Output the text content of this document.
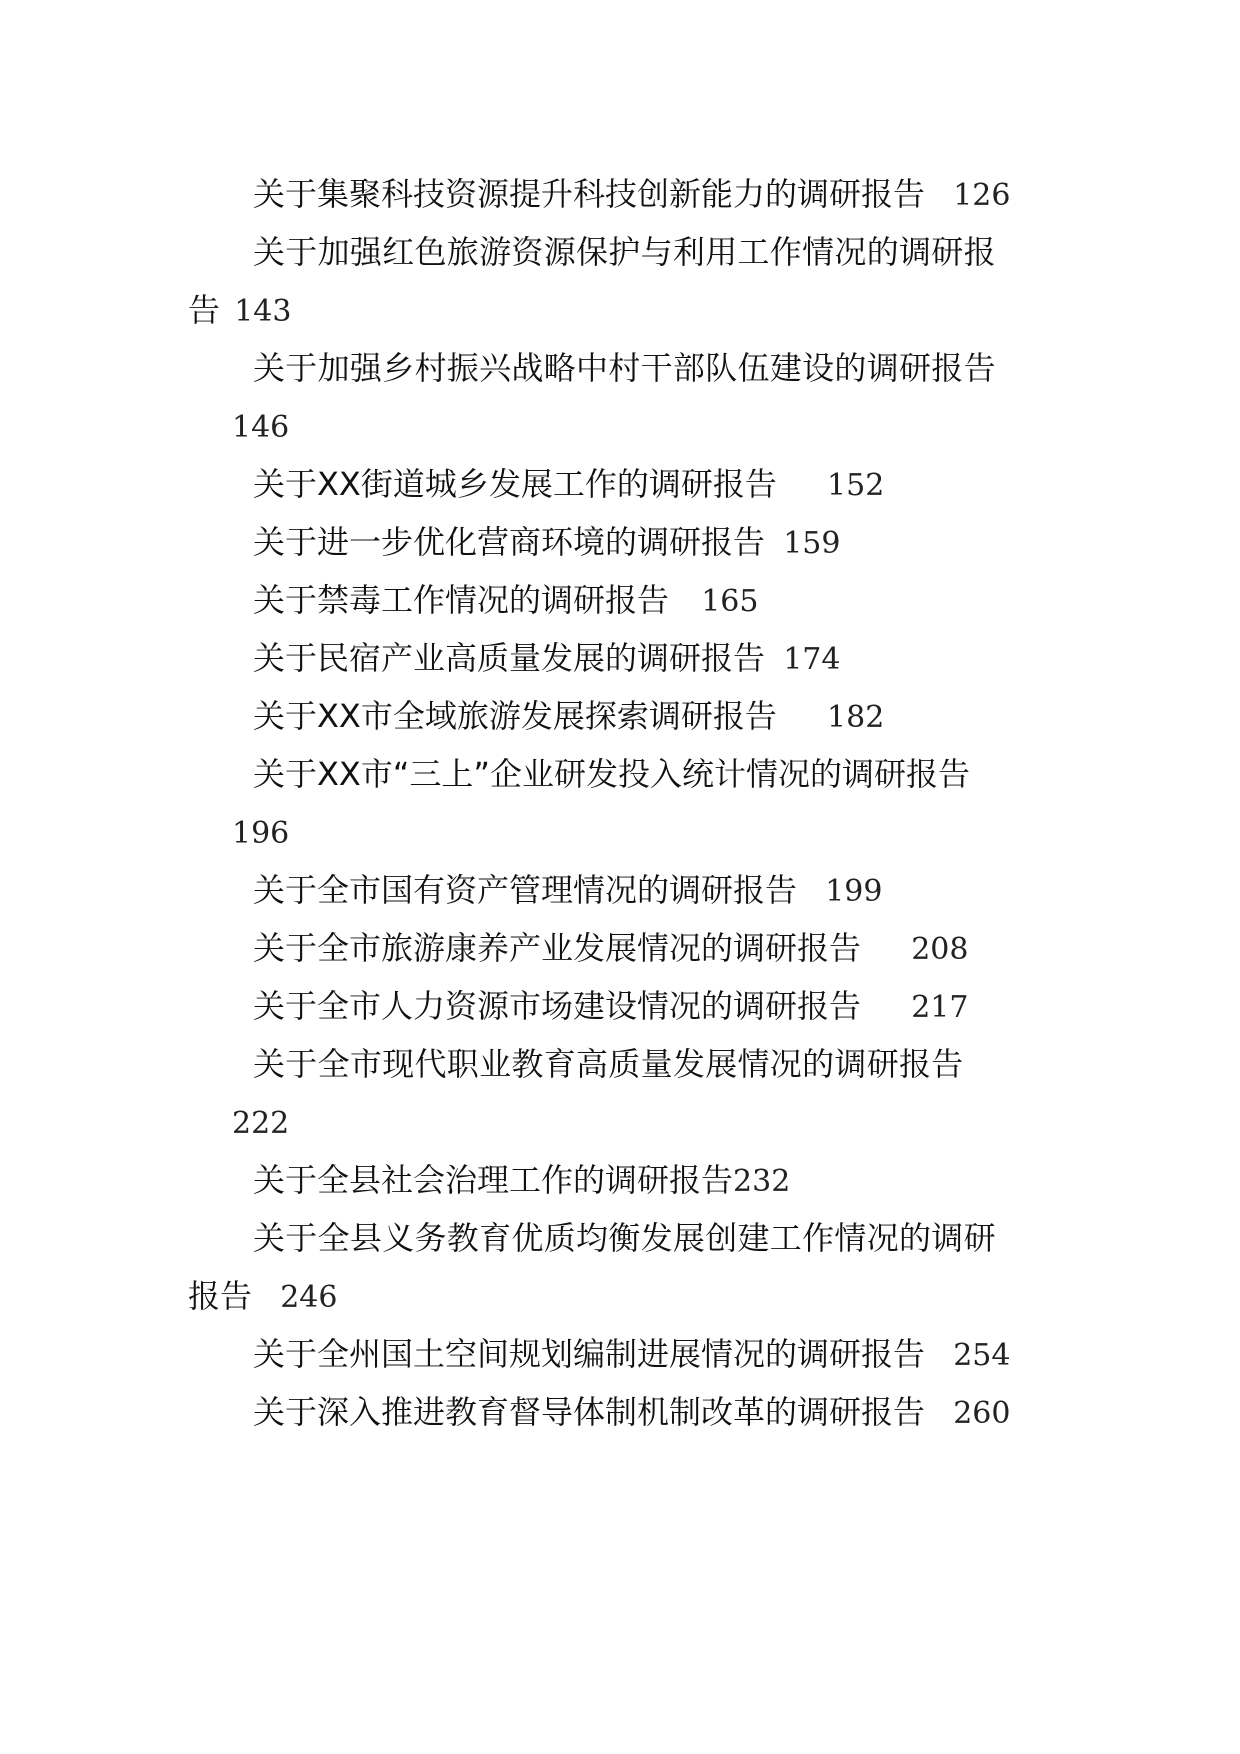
关于集聚科技资源提升科技创新能力的调研报告 126
关于加强红色旅游资源保护与利用工作情况的调研报
告 143
关于加强乡村振兴战略中村干部队伍建设的调研报告
146
关于XX街道城乡发展工作的调研报告 152
关于进一步优化营商环境的调研报告 159
关于禁毒工作情况的调研报告 165
关于民宿产业高质量发展的调研报告 174
关于XX市全域旅游发展探索调研报告 182
关于XX市“三上”企业研发投入统计情况的调研报告
196
关于全市国有资产管理情况的调研报告 199
关于全市旅游康养产业发展情况的调研报告 208
关于全市人力资源市场建设情况的调研报告 217
关于全市现代职业教育高质量发展情况的调研报告
222
关于全县社会治理工作的调研报告232
关于全县义务教育优质均衡发展创建工作情况的调研
报告 246
关于全州国土空间规划编制进展情况的调研报告 254
关于深入推进教育督导体制机制改革的调研报告 260
